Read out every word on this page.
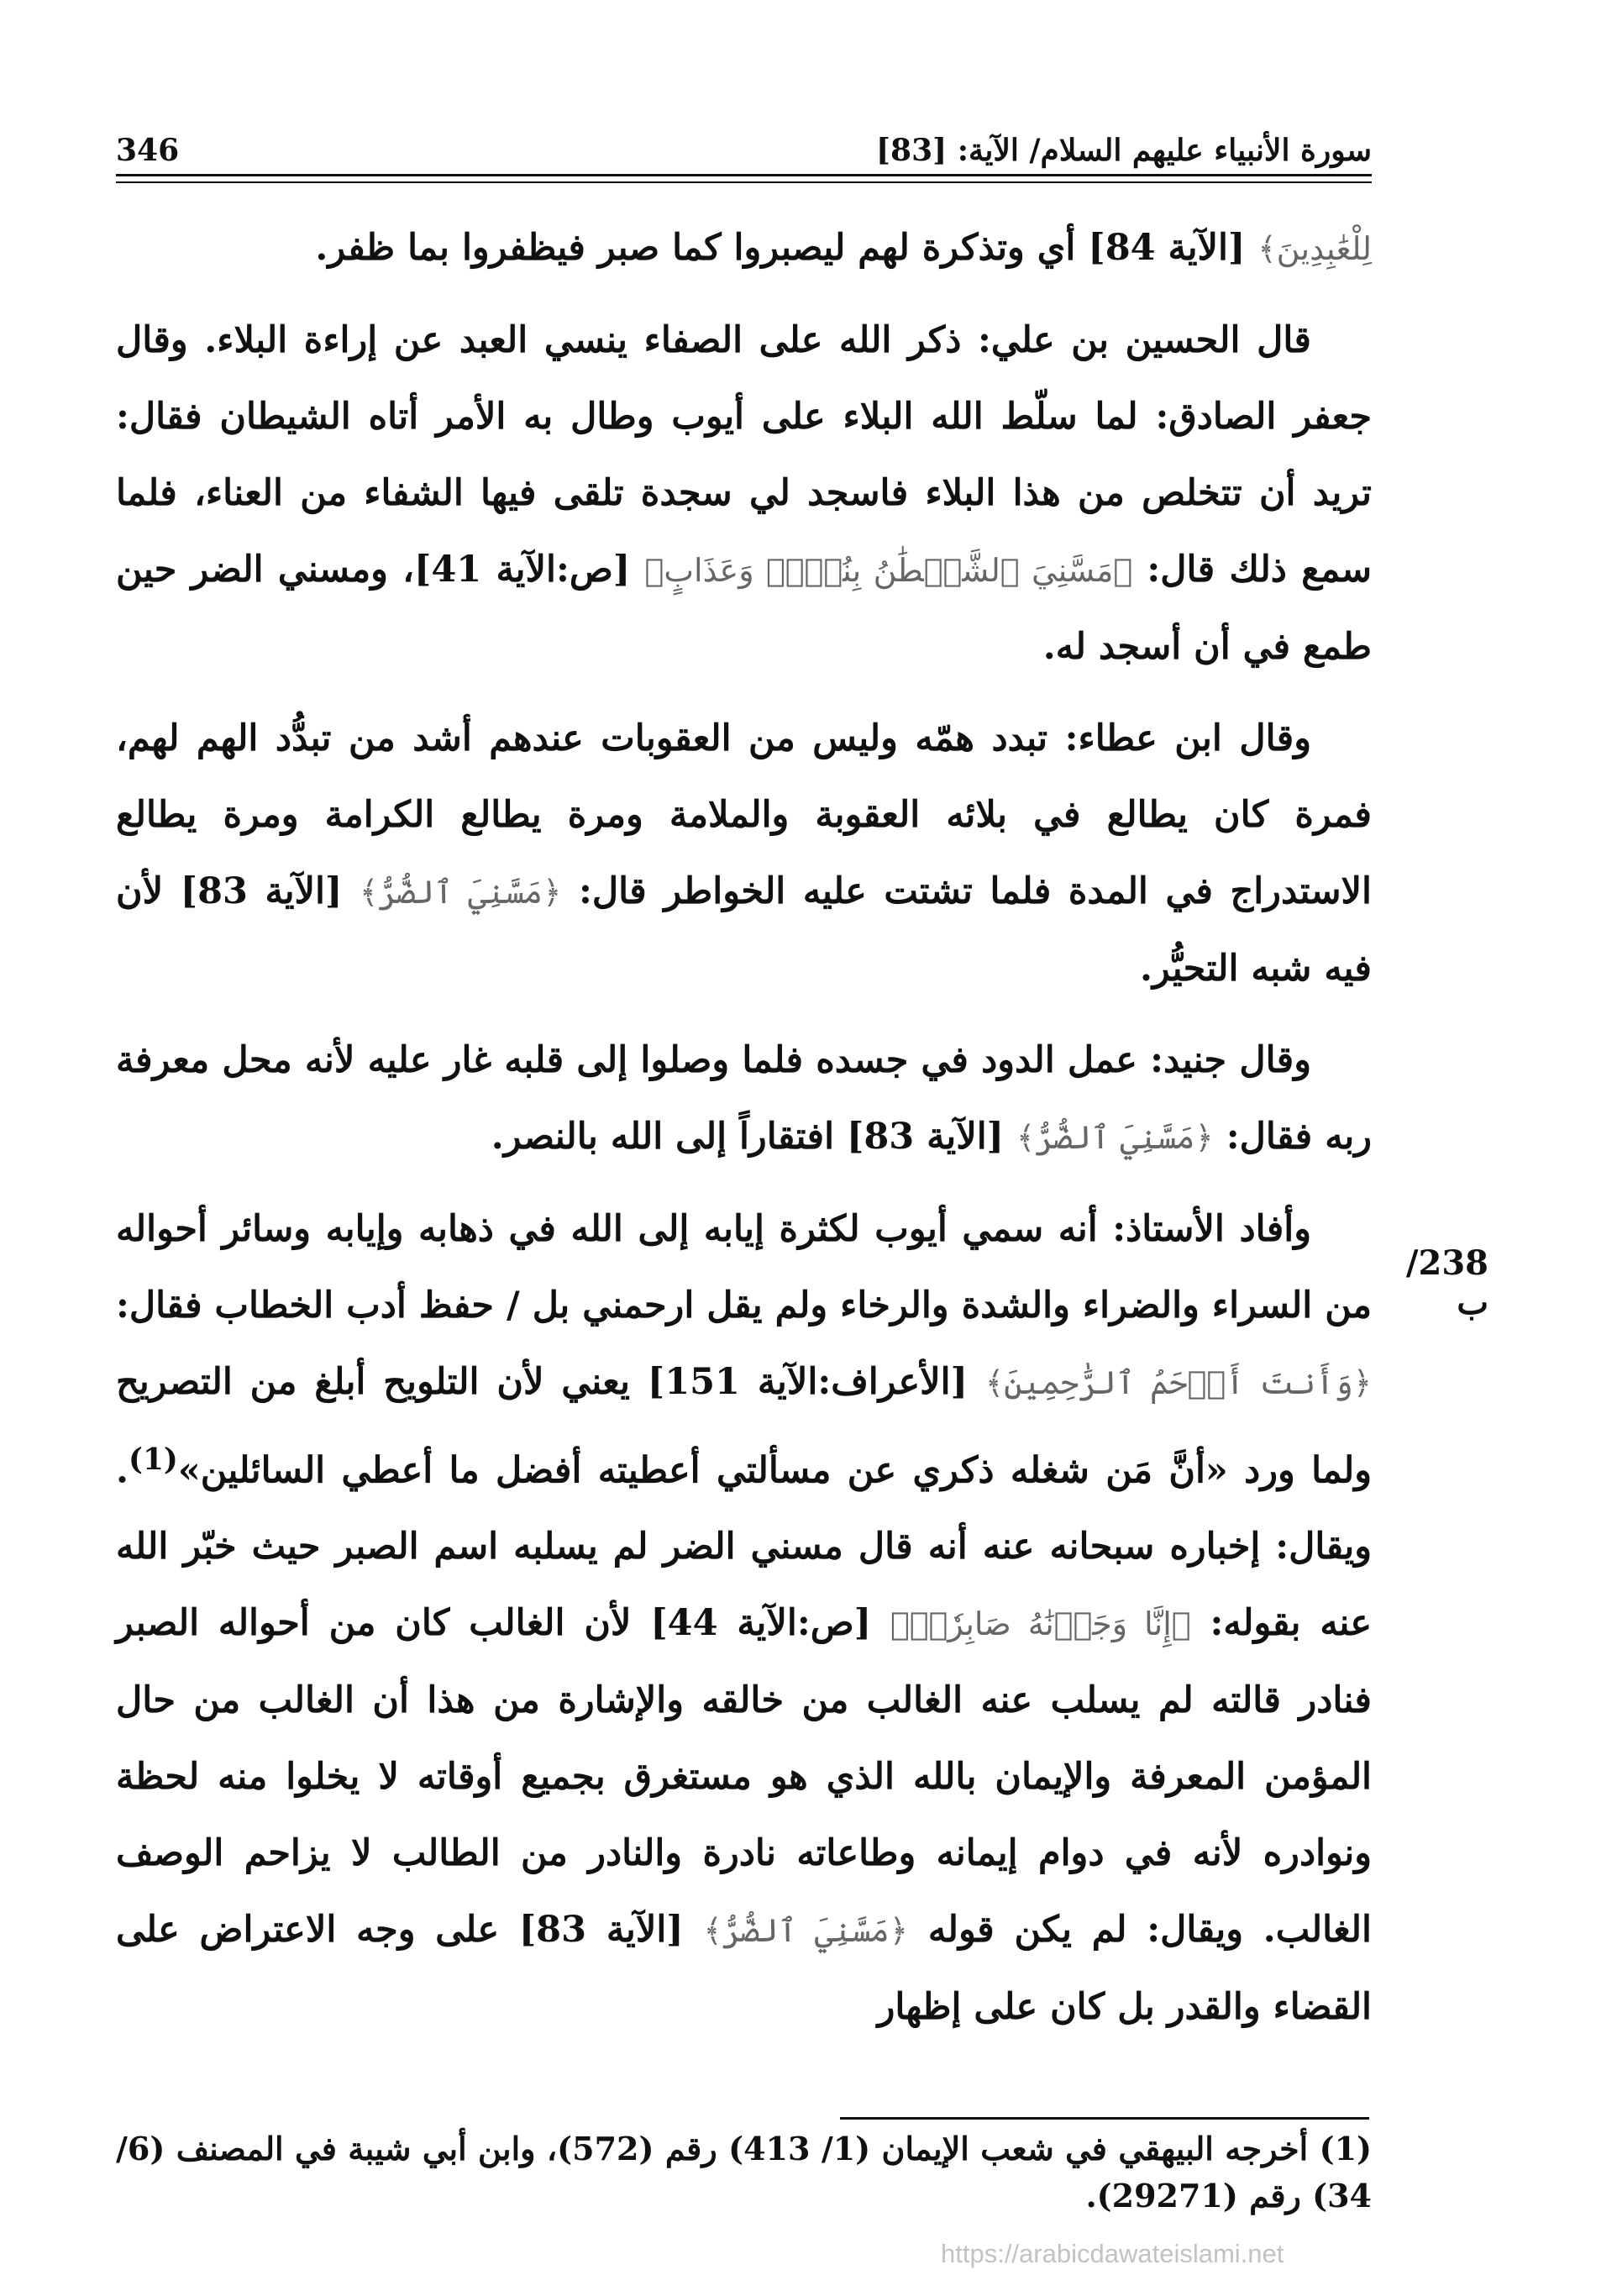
346	سورة الأنبياء عليهم السلام/ الآية: [83]

لِلْعَٰبِدِينَ﴾ [الآية 84] أي وتذكرة لهم ليصبروا كما صبر فيظفروا بما ظفر.

قال الحسين بن علي: ذكر الله على الصفاء ينسي العبد عن إراءة البلاء. وقال جعفر الصادق: لما سلّط الله البلاء على أيوب وطال به الأمر أتاه الشيطان فقال: تريد أن تتخلص من هذا البلاء فاسجد لي سجدة تلقى فيها الشفاء من العناء، فلما سمع ذلك قال: ﴿مَسَّنِيَ ٱلشَّيۡطَٰنُ بِنُصۡبٖ وَعَذَابٍ﴾ [ص:الآية 41]، ومسني الضر حين طمع في أن أسجد له.

وقال ابن عطاء: تبدد همّه وليس من العقوبات عندهم أشد من تبدُّد الهم لهم، فمرة كان يطالع في بلائه العقوبة والملامة ومرة يطالع الكرامة ومرة يطالع الاستدراج في المدة فلما تشتت عليه الخواطر قال: ﴿مَسَّنِيَ ٱلضُّرُّ﴾ [الآية 83] لأن فيه شبه التحيُّر.

وقال جنيد: عمل الدود في جسده فلما وصلوا إلى قلبه غار عليه لأنه محل معرفة ربه فقال: ﴿مَسَّنِيَ ٱلضُّرُّ﴾ [الآية 83] افتقاراً إلى الله بالنصر.

وأفاد الأستاذ: أنه سمي أيوب لكثرة إيابه إلى الله في ذهابه وإيابه وسائر أحواله من السراء والضراء والشدة والرخاء ولم يقل ارحمني بل / حفظ أدب الخطاب فقال: ﴿وَأَنتَ أَرۡحَمُ ٱلرَّٰحِمِينَ﴾ [الأعراف:الآية 151] يعني لأن التلويح أبلغ من التصريح ولما ورد «أنَّ مَن شغله ذكري عن مسألتي أعطيته أفضل ما أعطي السائلين»$^{(1)}$. ويقال: إخباره سبحانه عنه أنه قال مسني الضر لم يسلبه اسم الصبر حيث خبّر الله عنه بقوله: ﴿إِنَّا وَجَدۡنَٰهُ صَابِرٗاۚ﴾ [ص:الآية 44] لأن الغالب كان من أحواله الصبر فنادر قالته لم يسلب عنه الغالب من خالقه والإشارة من هذا أن الغالب من حال المؤمن المعرفة والإيمان بالله الذي هو مستغرق بجميع أوقاته لا يخلوا منه لحظة ونوادره لأنه في دوام إيمانه وطاعاته نادرة والنادر من الطالب لا يزاحم الوصف الغالب. ويقال: لم يكن قوله ﴿مَسَّنِيَ ٱلضُّرُّ﴾ [الآية 83] على وجه الاعتراض على القضاء والقدر بل كان على إظهار

238/ ب
(1) أخرجه البيهقي في شعب الإيمان (1/ 413) رقم (572)، وابن أبي شيبة في المصنف (6/ 34) رقم (29271).
https://arabicdawateislami.net
